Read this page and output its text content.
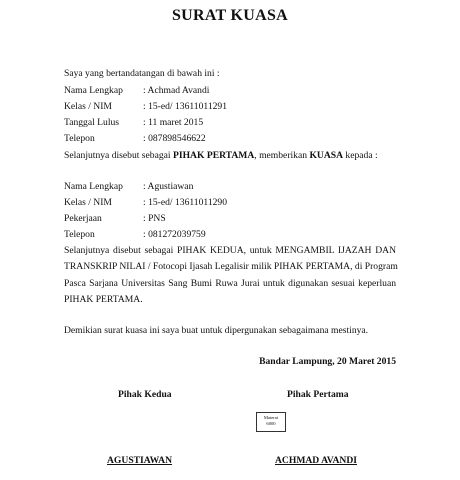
SURAT KUASA
Saya yang bertandatangan di bawah ini :
Nama Lengkap : Achmad Avandi
Kelas / NIM	: 15-ed/ 13611011291
Tanggal Lulus : 11 maret 2015
Telepon	: 087898546622
Selanjutnya disebut sebagai PIHAK PERTAMA, memberikan KUASA kepada :
Nama Lengkap : Agustiawan
Kelas / NIM	: 15-ed/ 13611011290
Pekerjaan	: PNS
Telepon	: 081272039759
Selanjutnya disebut sebagai PIHAK KEDUA, untuk MENGAMBIL IJAZAH DAN
TRANSKRIP NILAI / Fotocopi Ijasah Legalisir milik PIHAK PERTAMA, di Program
Pasca Sarjana Universitas Sang Bumi Ruwa Jurai untuk digunakan sesuai keperluan
PIHAK PERTAMA.
Demikian surat kuasa ini saya buat untuk dipergunakan sebagaimana mestinya.
Bandar Lampung, 20 Maret 2015
Pihak Kedua	Pihak Pertama
Materai
6000
AGUSTIAWAN	ACHMAD AVANDI
